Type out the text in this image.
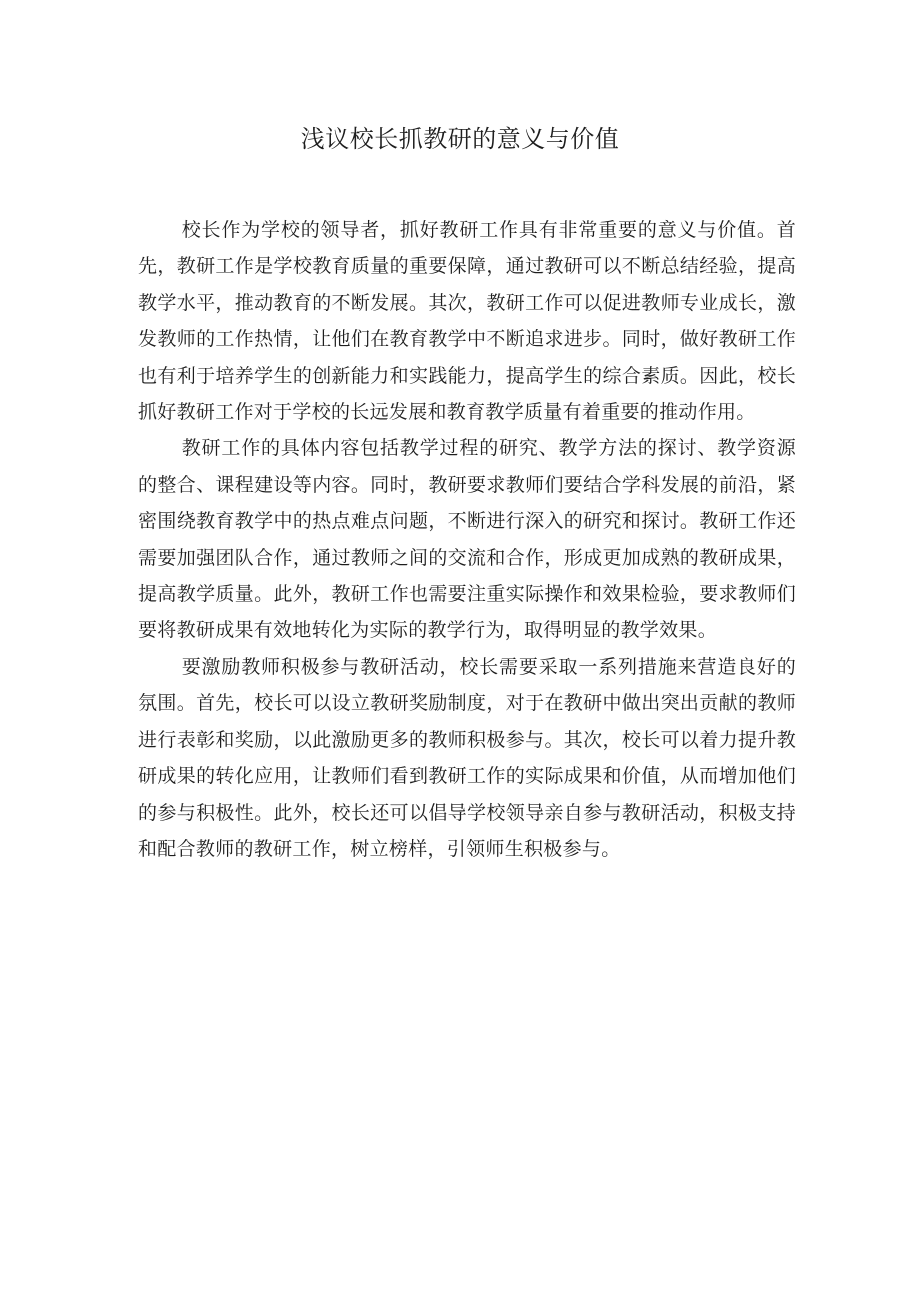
浅议校长抓教研的意义与价值

校长作为学校的领导者，抓好教研工作具有非常重要的意义与价值。首先，教研工作是学校教育质量的重要保障，通过教研可以不断总结经验，提高教学水平，推动教育的不断发展。其次，教研工作可以促进教师专业成长，激发教师的工作热情，让他们在教育教学中不断追求进步。同时，做好教研工作也有利于培养学生的创新能力和实践能力，提高学生的综合素质。因此，校长抓好教研工作对于学校的长远发展和教育教学质量有着重要的推动作用。

教研工作的具体内容包括教学过程的研究、教学方法的探讨、教学资源的整合、课程建设等内容。同时，教研要求教师们要结合学科发展的前沿，紧密围绕教育教学中的热点难点问题，不断进行深入的研究和探讨。教研工作还需要加强团队合作，通过教师之间的交流和合作，形成更加成熟的教研成果，提高教学质量。此外，教研工作也需要注重实际操作和效果检验，要求教师们要将教研成果有效地转化为实际的教学行为，取得明显的教学效果。

要激励教师积极参与教研活动，校长需要采取一系列措施来营造良好的氛围。首先，校长可以设立教研奖励制度，对于在教研中做出突出贡献的教师进行表彰和奖励，以此激励更多的教师积极参与。其次，校长可以着力提升教研成果的转化应用，让教师们看到教研工作的实际成果和价值，从而增加他们的参与积极性。此外，校长还可以倡导学校领导亲自参与教研活动，积极支持和配合教师的教研工作，树立榜样，引领师生积极参与。
